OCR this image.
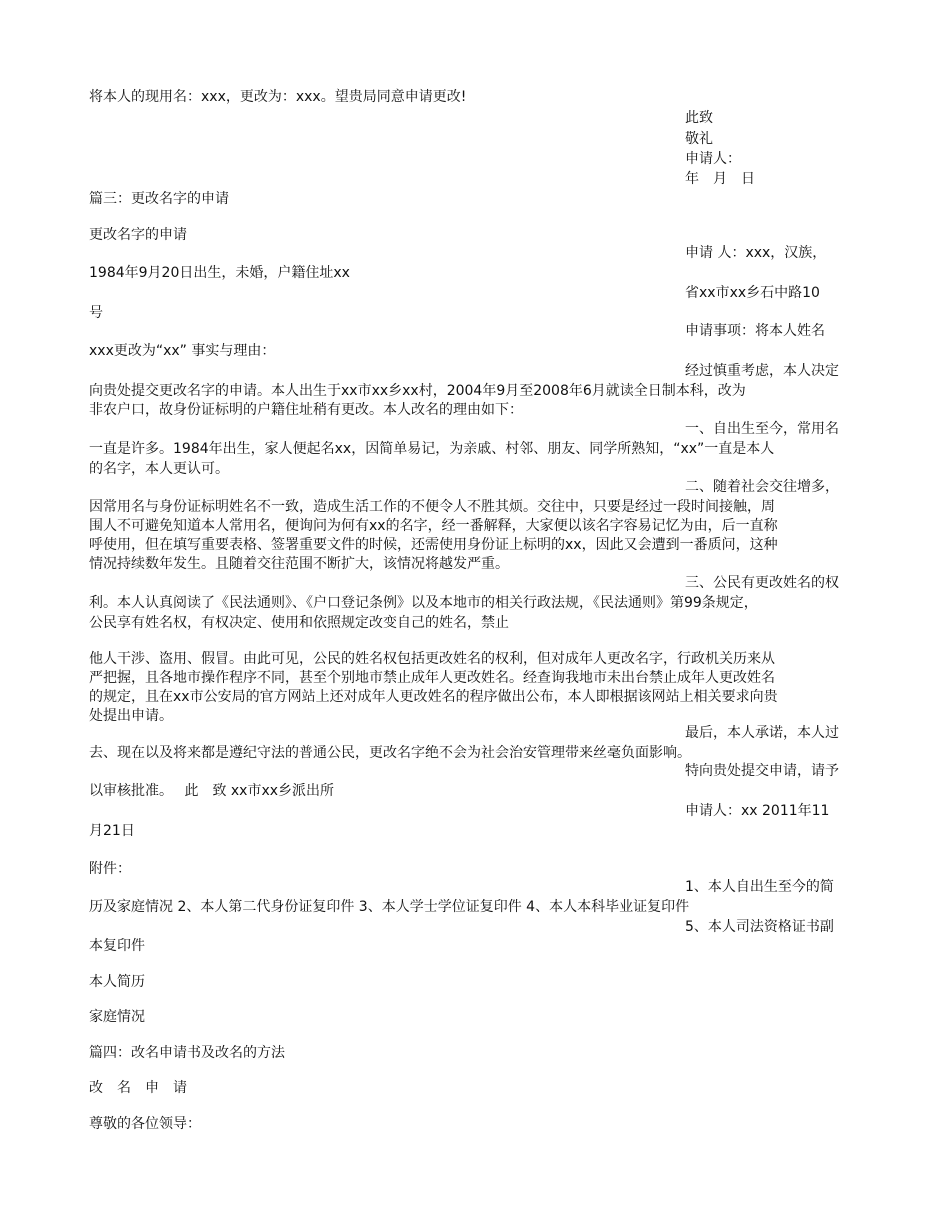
将本人的现用名：xxx，更改为：xxx。望贵局同意申请更改!

此致

敬礼

申请人：

年　月　日

篇三：更改名字的申请

更改名字的申请

申请 人：xxx，汉族，

1984年9月20日出生，未婚，户籍住址xx

省xx市xx乡石中路10

号

申请事项：将本人姓名

xxx更改为“xx” 事实与理由：

经过慎重考虑，本人决定

向贵处提交更改名字的申请。本人出生于xx市xx乡xx村，2004年9月至2008年6月就读全日制本科，改为

非农户口，故身份证标明的户籍住址稍有更改。本人改名的理由如下：

一、自出生至今，常用名

一直是许多。1984年出生，家人便起名xx，因简单易记，为亲戚、村邻、朋友、同学所熟知，“xx”一直是本人

的名字，本人更认可。

二、随着社会交往增多，

因常用名与身份证标明姓名不一致，造成生活工作的不便令人不胜其烦。交往中，只要是经过一段时间接触，周

围人不可避免知道本人常用名，便询问为何有xx的名字，经一番解释，大家便以该名字容易记忆为由，后一直称

呼使用，但在填写重要表格、签署重要文件的时候，还需使用身份证上标明的xx，因此又会遭到一番质问，这种

情况持续数年发生。且随着交往范围不断扩大，该情况将越发严重。

三、公民有更改姓名的权

利。本人认真阅读了《民法通则》、《户口登记条例》以及本地市的相关行政法规，《民法通则》第99条规定，

公民享有姓名权，有权决定、使用和依照规定改变自己的姓名，禁止

他人干涉、盗用、假冒。由此可见，公民的姓名权包括更改姓名的权利，但对成年人更改名字，行政机关历来从

严把握，且各地市操作程序不同，甚至个别地市禁止成年人更改姓名。经查询我地市未出台禁止成年人更改姓名

的规定，且在xx市公安局的官方网站上还对成年人更改姓名的程序做出公布，本人即根据该网站上相关要求向贵

处提出申请。

最后，本人承诺，本人过

去、现在以及将来都是遵纪守法的普通公民，更改名字绝不会为社会治安管理带来丝毫负面影响。

特向贵处提交申请，请予

以审核批准。　 此　致 xx市xx乡派出所

申请人：xx 2011年11

月21日

附件：

1、本人自出生至今的简

历及家庭情况 2、本人第二代身份证复印件 3、本人学士学位证复印件 4、本人本科毕业证复印件

5、本人司法资格证书副

本复印件

本人简历

家庭情况

篇四：改名申请书及改名的方法

改　名　申　请

尊敬的各位领导：
